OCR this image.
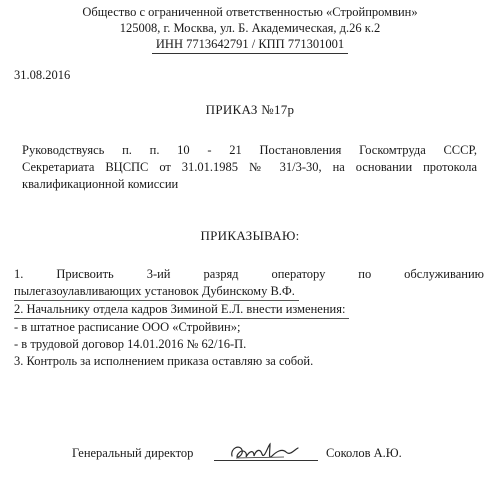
Общество с ограниченной ответственностью «Стройпромвин»
125008, г. Москва, ул. Б. Академическая, д.26 к.2
ИНН 7713642791 / КПП 771301001
31.08.2016
ПРИКАЗ №17р
Руководствуясь п. п. 10 - 21 Постановления Госкомтруда СССР,
Секретариата ВЦСПС от 31.01.1985 № 31/3-30, на основании протокола
квалификационной комиссии
ПРИКАЗЫВАЮ:
1. Присвоить 3-ий разряд оператору по обслуживанию
пылегазоулавливающих установок Дубинскому В.Ф.
2. Начальнику отдела кадров Зиминой Е.Л. внести изменения:
- в штатное расписание ООО «Стройвин»;
- в трудовой договор 14.01.2016 № 62/16-П.
3. Контроль за исполнением приказа оставляю за собой.
Генеральный директор	Соколов А.Ю.
